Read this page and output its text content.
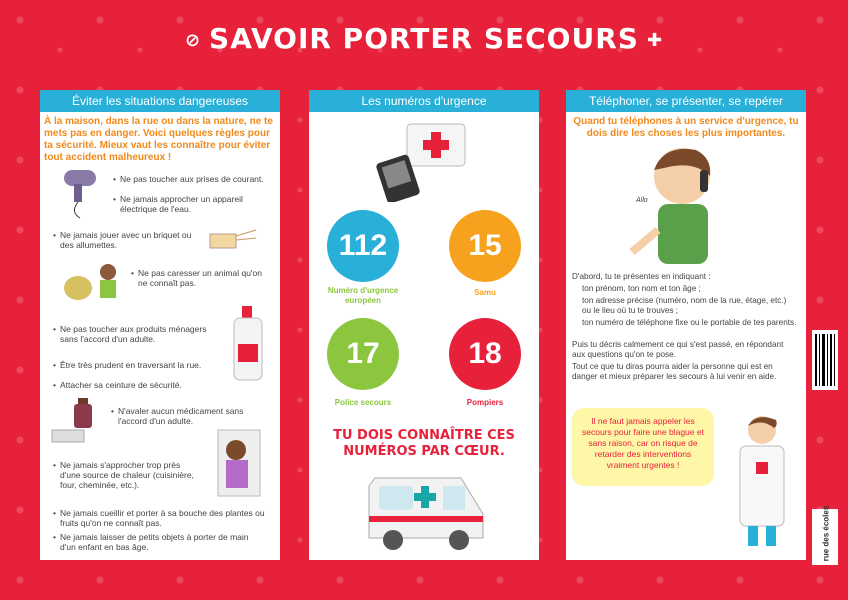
⊘ SAVOIR PORTER SECOURS ✚
Éviter les situations dangereuses
À la maison, dans la rue ou dans la nature, ne te mets pas en danger. Voici quelques règles pour ta sécurité. Mieux vaut les connaître pour éviter tout accident malheureux !
• Ne pas toucher aux prises de courant.
• Ne jamais approcher un appareil électrique de l'eau.
• Ne jamais jouer avec un briquet ou des allumettes.
• Ne pas caresser un animal qu'on ne connaît pas.
• Ne pas toucher aux produits ménagers sans l'accord d'un adulte.
• Être très prudent en traversant la rue.
• Attacher sa ceinture de sécurité.
• N'avaler aucun médicament sans l'accord d'un adulte.
• Ne jamais s'approcher trop près d'une source de chaleur (cuisinière, four, cheminée, etc.).
• Ne jamais cueillir et porter à sa bouche des plantes ou fruits qu'on ne connaît pas.
• Ne jamais laisser de petits objets à porter de main d'un enfant en bas âge.
Les numéros d'urgence
112
Numéro d'urgence européen
15
Samu
17
Police secours
18
Pompiers
TU DOIS CONNAÎTRE CES NUMÉROS PAR CŒUR.
Téléphoner, se présenter, se repérer
Quand tu téléphones à un service d'urgence, tu dois dire les choses les plus importantes.
Allo
D'abord, tu te présentes en indiquant :
ton prénom, ton nom et ton âge ;
ton adresse précise (numéro, nom de la rue, étage, etc.) ou le lieu où tu te trouves ;
ton numéro de téléphone fixe ou le portable de tes parents.
Puis tu décris calmement ce qui s'est passé, en répondant aux questions qu'on te pose.
Tout ce que tu diras pourra aider la personne qui est en danger et mieux préparer les secours à lui venir en aide.
Il ne faut jamais appeler les secours pour faire une blague et sans raison, car on risque de retarder des interventions vraiment urgentes !
rue des écoles
